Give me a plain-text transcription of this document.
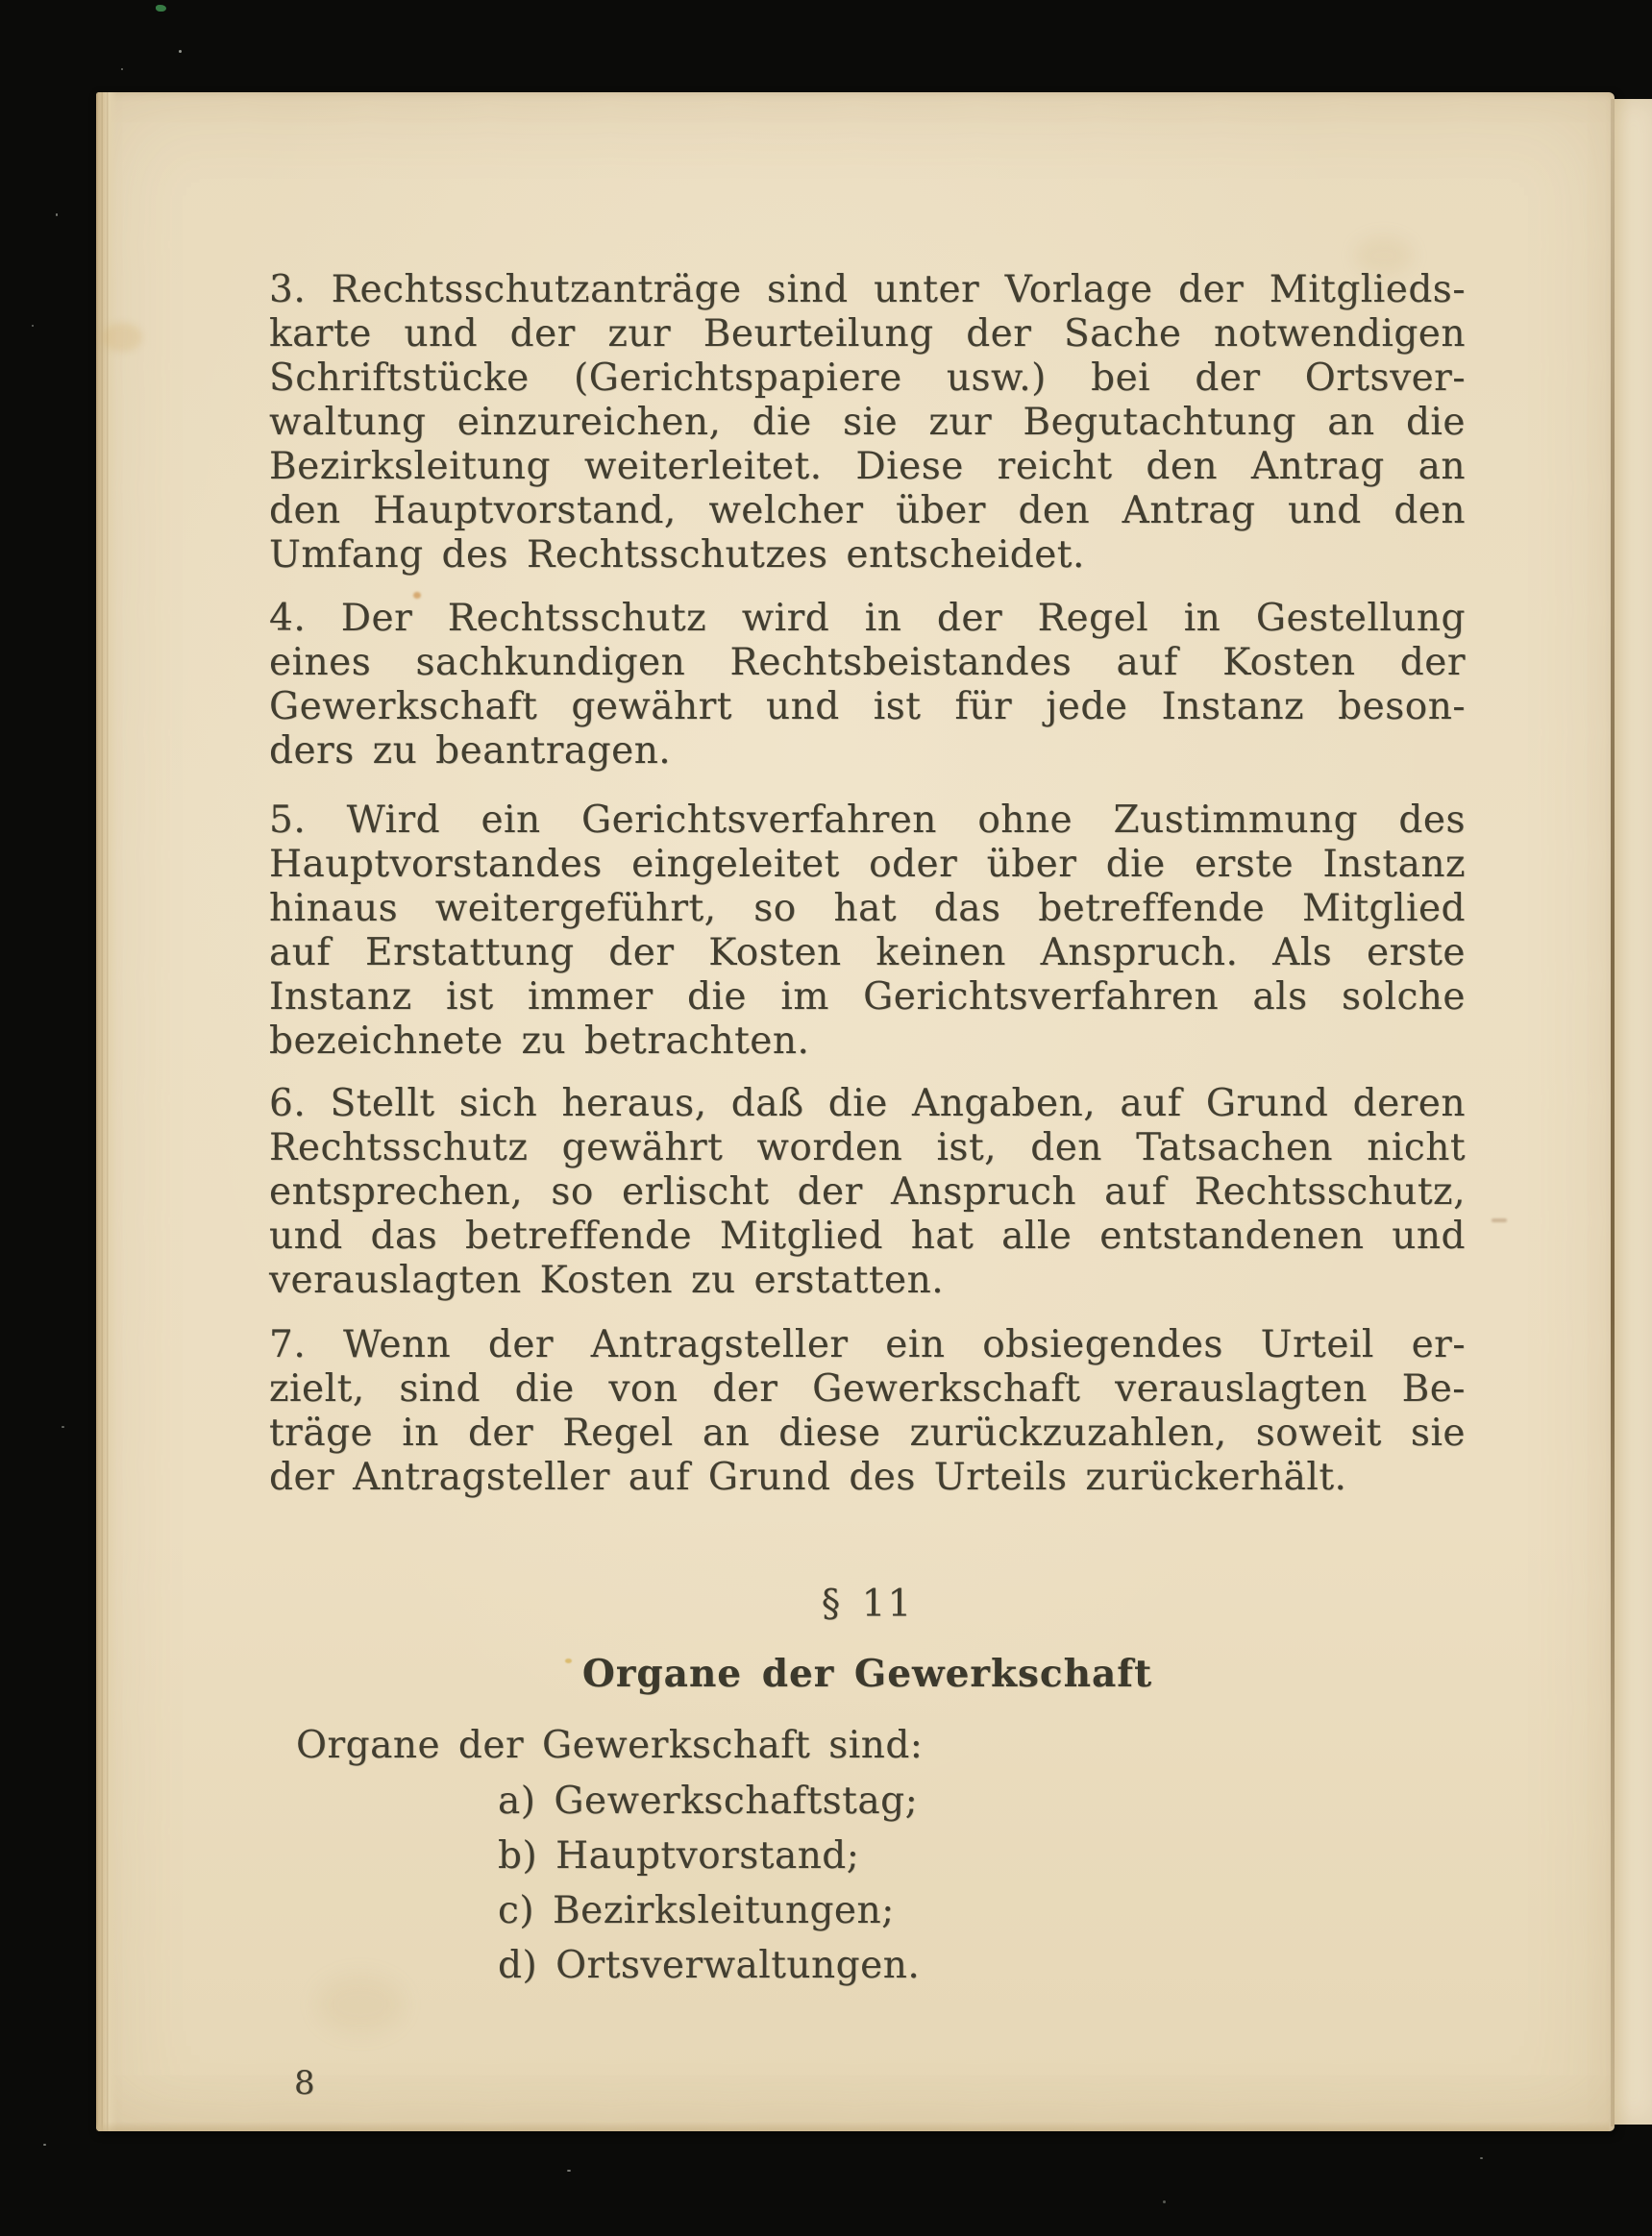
3. Rechtsschutzanträge sind unter Vorlage der Mitglieds-
karte und der zur Beurteilung der Sache notwendigen
Schriftstücke (Gerichtspapiere usw.) bei der Ortsver-
waltung einzureichen, die sie zur Begutachtung an die
Bezirksleitung weiterleitet. Diese reicht den Antrag an
den Hauptvorstand, welcher über den Antrag und den
Umfang des Rechtsschutzes entscheidet.
4. Der Rechtsschutz wird in der Regel in Gestellung
eines sachkundigen Rechtsbeistandes auf Kosten der
Gewerkschaft gewährt und ist für jede Instanz beson-
ders zu beantragen.
5. Wird ein Gerichtsverfahren ohne Zustimmung des
Hauptvorstandes eingeleitet oder über die erste Instanz
hinaus weitergeführt, so hat das betreffende Mitglied
auf Erstattung der Kosten keinen Anspruch. Als erste
Instanz ist immer die im Gerichtsverfahren als solche
bezeichnete zu betrachten.
6. Stellt sich heraus, daß die Angaben, auf Grund deren
Rechtsschutz gewährt worden ist, den Tatsachen nicht
entsprechen, so erlischt der Anspruch auf Rechtsschutz,
und das betreffende Mitglied hat alle entstandenen und
verauslagten Kosten zu erstatten.
7. Wenn der Antragsteller ein obsiegendes Urteil er-
zielt, sind die von der Gewerkschaft verauslagten Be-
träge in der Regel an diese zurückzuzahlen, soweit sie
der Antragsteller auf Grund des Urteils zurückerhält.
§ 11
Organe der Gewerkschaft
Organe der Gewerkschaft sind:
a) Gewerkschaftstag;
b) Hauptvorstand;
c) Bezirksleitungen;
d) Ortsverwaltungen.
8
